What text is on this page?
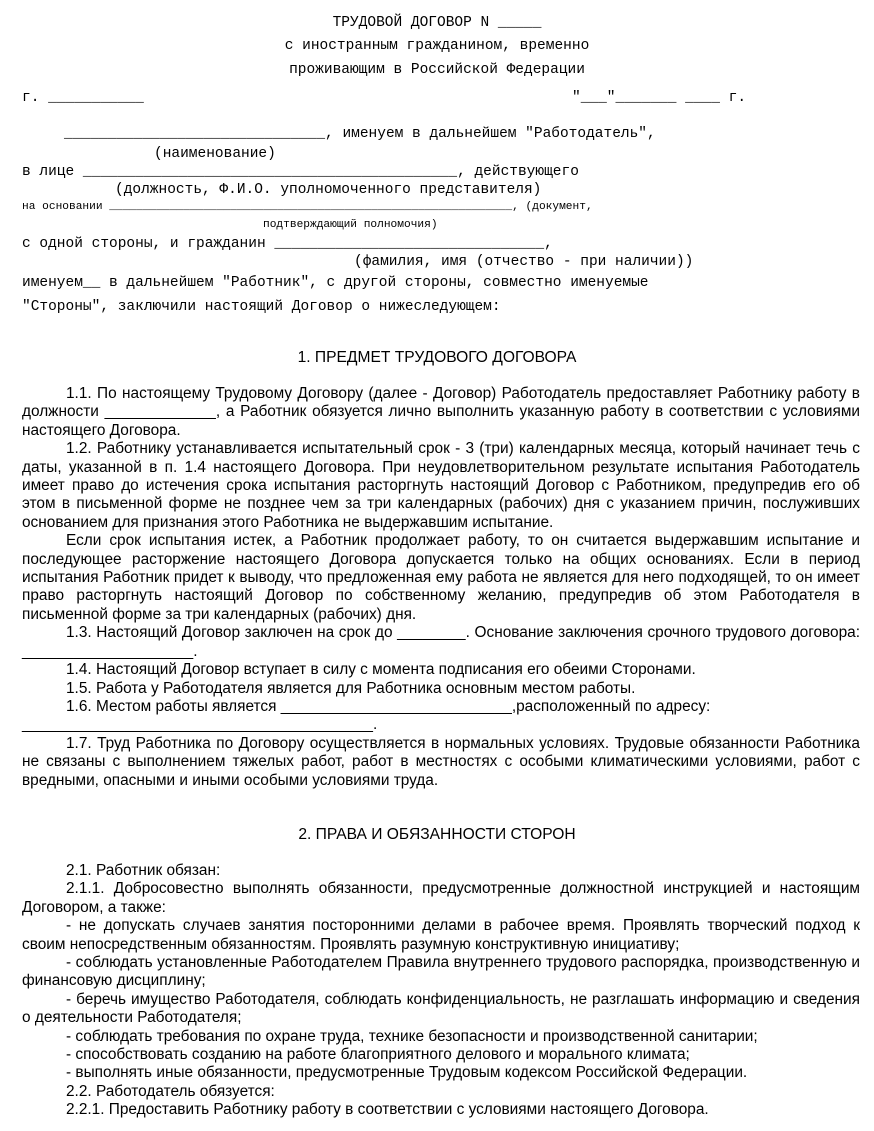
ТРУДОВОЙ ДОГОВОР N _____
с иностранным гражданином, временно
проживающим в Российской Федерации
г. ___________	"___"_______ ____ г.
______________________________, именуем в дальнейшем "Работодатель",
(наименование)
в лице ___________________________________________, действующего
(должность, Ф.И.О. уполномоченного представителя)
на основании ____________________________________________________________, (документ,
подтверждающий полномочия)
с одной стороны, и гражданин _______________________________,
(фамилия, имя (отчество - при наличии))
именуем__ в дальнейшем "Работник", с другой стороны, совместно именуемые
"Стороны", заключили настоящий Договор о нижеследующем:
1. ПРЕДМЕТ ТРУДОВОГО ДОГОВОРА

1.1. По настоящему Трудовому Договору (далее - Договор) Работодатель предоставляет Работнику работу в должности _____________, а Работник обязуется лично выполнить указанную работу в соответствии с условиями настоящего Договора.

1.2. Работнику устанавливается испытательный срок - 3 (три) календарных месяца, который начинает течь с даты, указанной в п. 1.4 настоящего Договора. При неудовлетворительном результате испытания Работодатель имеет право до истечения срока испытания расторгнуть настоящий Договор с Работником, предупредив его об этом в письменной форме не позднее чем за три календарных (рабочих) дня с указанием причин, послуживших основанием для признания этого Работника не выдержавшим испытание.

Если срок испытания истек, а Работник продолжает работу, то он считается выдержавшим испытание и последующее расторжение настоящего Договора допускается только на общих основаниях. Если в период испытания Работник придет к выводу, что предложенная ему работа не является для него подходящей, то он имеет право расторгнуть настоящий Договор по собственному желанию, предупредив об этом Работодателя в письменной форме за три календарных (рабочих) дня.

1.3. Настоящий Договор заключен на срок до ________. Основание заключения срочного трудового договора: ____________________.

1.4. Настоящий Договор вступает в силу с момента подписания его обеими Сторонами.

1.5. Работа у Работодателя является для Работника основным местом работы.

1.6. Местом работы является ___________________________,расположенный по адресу:

_________________________________________.

1.7. Труд Работника по Договору осуществляется в нормальных условиях. Трудовые обязанности Работника не связаны с выполнением тяжелых работ, работ в местностях с особыми климатическими условиями, работ с вредными, опасными и иными особыми условиями труда.

2. ПРАВА И ОБЯЗАННОСТИ СТОРОН

2.1. Работник обязан:

2.1.1. Добросовестно выполнять обязанности, предусмотренные должностной инструкцией и настоящим Договором, а также:

- не допускать случаев занятия посторонними делами в рабочее время. Проявлять творческий подход к своим непосредственным обязанностям. Проявлять разумную конструктивную инициативу;

- соблюдать установленные Работодателем Правила внутреннего трудового распорядка, производственную и финансовую дисциплину;

- беречь имущество Работодателя, соблюдать конфиденциальность, не разглашать информацию и сведения о деятельности Работодателя;

- соблюдать требования по охране труда, технике безопасности и производственной санитарии;

- способствовать созданию на работе благоприятного делового и морального климата;

- выполнять иные обязанности, предусмотренные Трудовым кодексом Российской Федерации.

2.2. Работодатель обязуется:

2.2.1. Предоставить Работнику работу в соответствии с условиями настоящего Договора.
